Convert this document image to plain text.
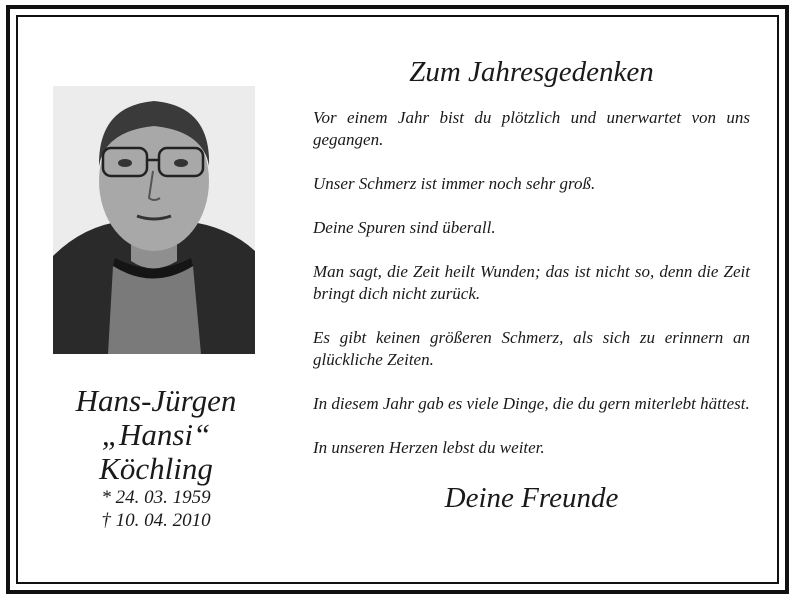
Hans-Jürgen
„Hansi“
Köchling
* 24. 03. 1959
† 10. 04. 2010
Zum Jahresgedenken

Vor einem Jahr bist du plötzlich und unerwartet von uns gegangen.

Unser Schmerz ist immer noch sehr groß.

Deine Spuren sind überall.

Man sagt, die Zeit heilt Wunden; das ist nicht so, denn die Zeit bringt dich nicht zurück.

Es gibt keinen größeren Schmerz, als sich zu erinnern an glückliche Zeiten.

In diesem Jahr gab es viele Dinge, die du gern miterlebt hättest.

In unseren Herzen lebst du weiter.

Deine Freunde
